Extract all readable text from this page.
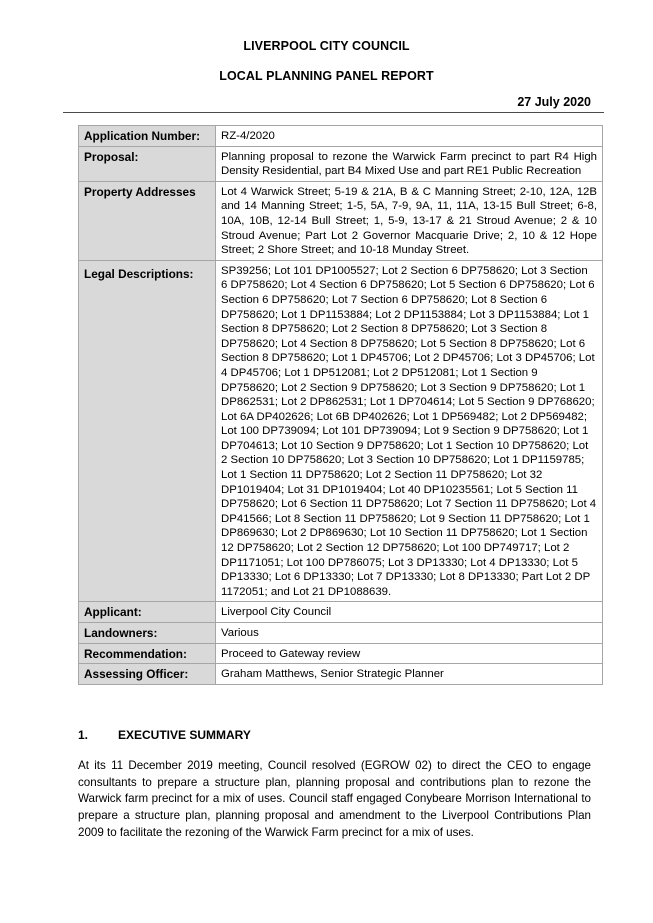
LIVERPOOL CITY COUNCIL
LOCAL PLANNING PANEL REPORT
27 July 2020
Application Number:	RZ-4/2020
Proposal:	Planning proposal to rezone the Warwick Farm precinct to part R4 High Density Residential, part B4 Mixed Use and part RE1 Public Recreation
Property Addresses	Lot 4 Warwick Street; 5-19 & 21A, B & C Manning Street; 2-10, 12A, 12B and 14 Manning Street; 1-5, 5A, 7-9, 9A, 11, 11A, 13-15 Bull Street; 6-8, 10A, 10B, 12-14 Bull Street; 1, 5-9, 13-17 & 21 Stroud Avenue; 2 & 10 Stroud Avenue; Part Lot 2 Governor Macquarie Drive; 2, 10 & 12 Hope Street; 2 Shore Street; and 10-18 Munday Street.
Legal Descriptions:	SP39256; Lot 101 DP1005527; Lot 2 Section 6 DP758620; Lot 3 Section 6 DP758620; Lot 4 Section 6 DP758620; Lot 5 Section 6 DP758620; Lot 6 Section 6 DP758620; Lot 7 Section 6 DP758620; Lot 8 Section 6 DP758620; Lot 1 DP1153884; Lot 2 DP1153884; Lot 3 DP1153884; Lot 1 Section 8 DP758620; Lot 2 Section 8 DP758620; Lot 3 Section 8 DP758620; Lot 4 Section 8 DP758620; Lot 5 Section 8 DP758620; Lot 6 Section 8 DP758620; Lot 1 DP45706; Lot 2 DP45706; Lot 3 DP45706; Lot 4 DP45706; Lot 1 DP512081; Lot 2 DP512081; Lot 1 Section 9 DP758620; Lot 2 Section 9 DP758620; Lot 3 Section 9 DP758620; Lot 1 DP862531; Lot 2 DP862531; Lot 1 DP704614; Lot 5 Section 9 DP768620; Lot 6A DP402626; Lot 6B DP402626; Lot 1 DP569482; Lot 2 DP569482; Lot 100 DP739094; Lot 101 DP739094; Lot 9 Section 9 DP758620; Lot 1 DP704613; Lot 10 Section 9 DP758620; Lot 1 Section 10 DP758620; Lot 2 Section 10 DP758620; Lot 3 Section 10 DP758620; Lot 1 DP1159785; Lot 1 Section 11 DP758620; Lot 2 Section 11 DP758620; Lot 32 DP1019404; Lot 31 DP1019404; Lot 40 DP10235561; Lot 5 Section 11 DP758620; Lot 6 Section 11 DP758620; Lot 7 Section 11 DP758620; Lot 4 DP41566; Lot 8 Section 11 DP758620; Lot 9 Section 11 DP758620; Lot 1 DP869630; Lot 2 DP869630; Lot 10 Section 11 DP758620; Lot 1 Section 12 DP758620; Lot 2 Section 12 DP758620; Lot 100 DP749717; Lot 2 DP1171051; Lot 100 DP786075; Lot 3 DP13330; Lot 4 DP13330; Lot 5 DP13330; Lot 6 DP13330; Lot 7 DP13330; Lot 8 DP13330; Part Lot 2 DP 1172051; and Lot 21 DP1088639.
Applicant:	Liverpool City Council
Landowners:	Various
Recommendation:	Proceed to Gateway review
Assessing Officer:	Graham Matthews, Senior Strategic Planner
1. EXECUTIVE SUMMARY
At its 11 December 2019 meeting, Council resolved (EGROW 02) to direct the CEO to engage consultants to prepare a structure plan, planning proposal and contributions plan to rezone the Warwick farm precinct for a mix of uses. Council staff engaged Conybeare Morrison International to prepare a structure plan, planning proposal and amendment to the Liverpool Contributions Plan 2009 to facilitate the rezoning of the Warwick Farm precinct for a mix of uses.
